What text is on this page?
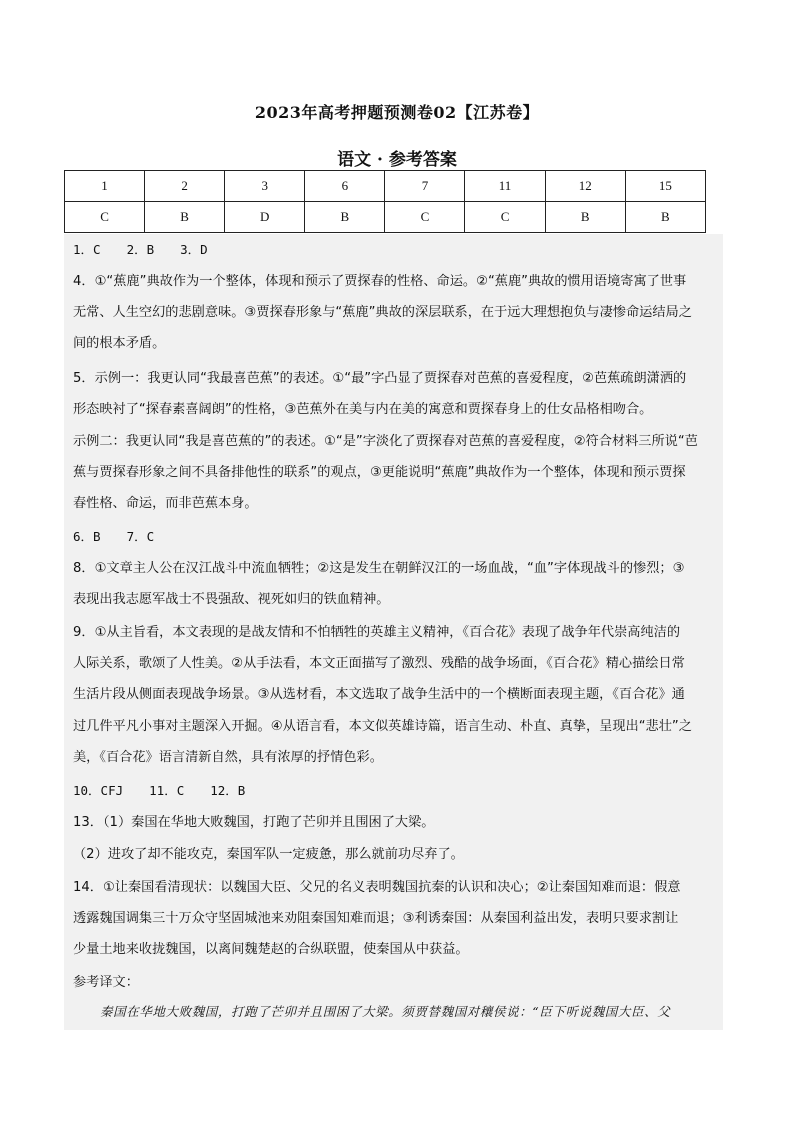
2023年高考押题预测卷02【江苏卷】
语文 · 参考答案
1	2	3	6	7	11	12	15
C	B	D	B	C	C	B	B
1．C　 2．B　 3．D
4．①“蕉鹿”典故作为一个整体，体现和预示了贾探春的性格、命运。②“蕉鹿”典故的惯用语境寄寓了世事
无常、人生空幻的悲剧意味。③贾探春形象与“蕉鹿”典故的深层联系，在于远大理想抱负与凄惨命运结局之
间的根本矛盾。
5．示例一：我更认同“我最喜芭蕉”的表述。①“最”字凸显了贾探春对芭蕉的喜爱程度，②芭蕉疏朗潇洒的
形态映衬了“探春素喜阔朗”的性格，③芭蕉外在美与内在美的寓意和贾探春身上的仕女品格相吻合。
示例二：我更认同“我是喜芭蕉的”的表述。①“是”字淡化了贾探春对芭蕉的喜爱程度，②符合材料三所说“芭
蕉与贾探春形象之间不具备排他性的联系”的观点，③更能说明“蕉鹿”典故作为一个整体，体现和预示贾探
春性格、命运，而非芭蕉本身。
6．B　 7．C
8．①文章主人公在汉江战斗中流血牺牲；②这是发生在朝鲜汉江的一场血战，“血”字体现战斗的惨烈；③
表现出我志愿军战士不畏强敌、视死如归的铁血精神。
9．①从主旨看，本文表现的是战友情和不怕牺牲的英雄主义精神，《百合花》表现了战争年代崇高纯洁的
人际关系，歌颂了人性美。②从手法看，本文正面描写了激烈、残酷的战争场面，《百合花》精心描绘日常
生活片段从侧面表现战争场景。③从选材看，本文选取了战争生活中的一个横断面表现主题，《百合花》通
过几件平凡小事对主题深入开掘。④从语言看，本文似英雄诗篇，语言生动、朴直、真挚，呈现出“悲壮”之
美，《百合花》语言清新自然，具有浓厚的抒情色彩。
10．CFJ　 11．C　 12．B
13．（1）秦国在华地大败魏国，打跑了芒卯并且围困了大梁。
（2）进攻了却不能攻克，秦国军队一定疲惫，那么就前功尽弃了。
14．①让秦国看清现状：以魏国大臣、父兄的名义表明魏国抗秦的认识和决心；②让秦国知难而退：假意
透露魏国调集三十万众守坚固城池来劝阻秦国知难而退；③利诱秦国：从秦国利益出发，表明只要求割让
少量土地来收拢魏国，以离间魏楚赵的合纵联盟，使秦国从中获益。
参考译文：
秦国在华地大败魏国，打跑了芒卯并且围困了大梁。须贾替魏国对穰侯说：“臣下听说魏国大臣、父
